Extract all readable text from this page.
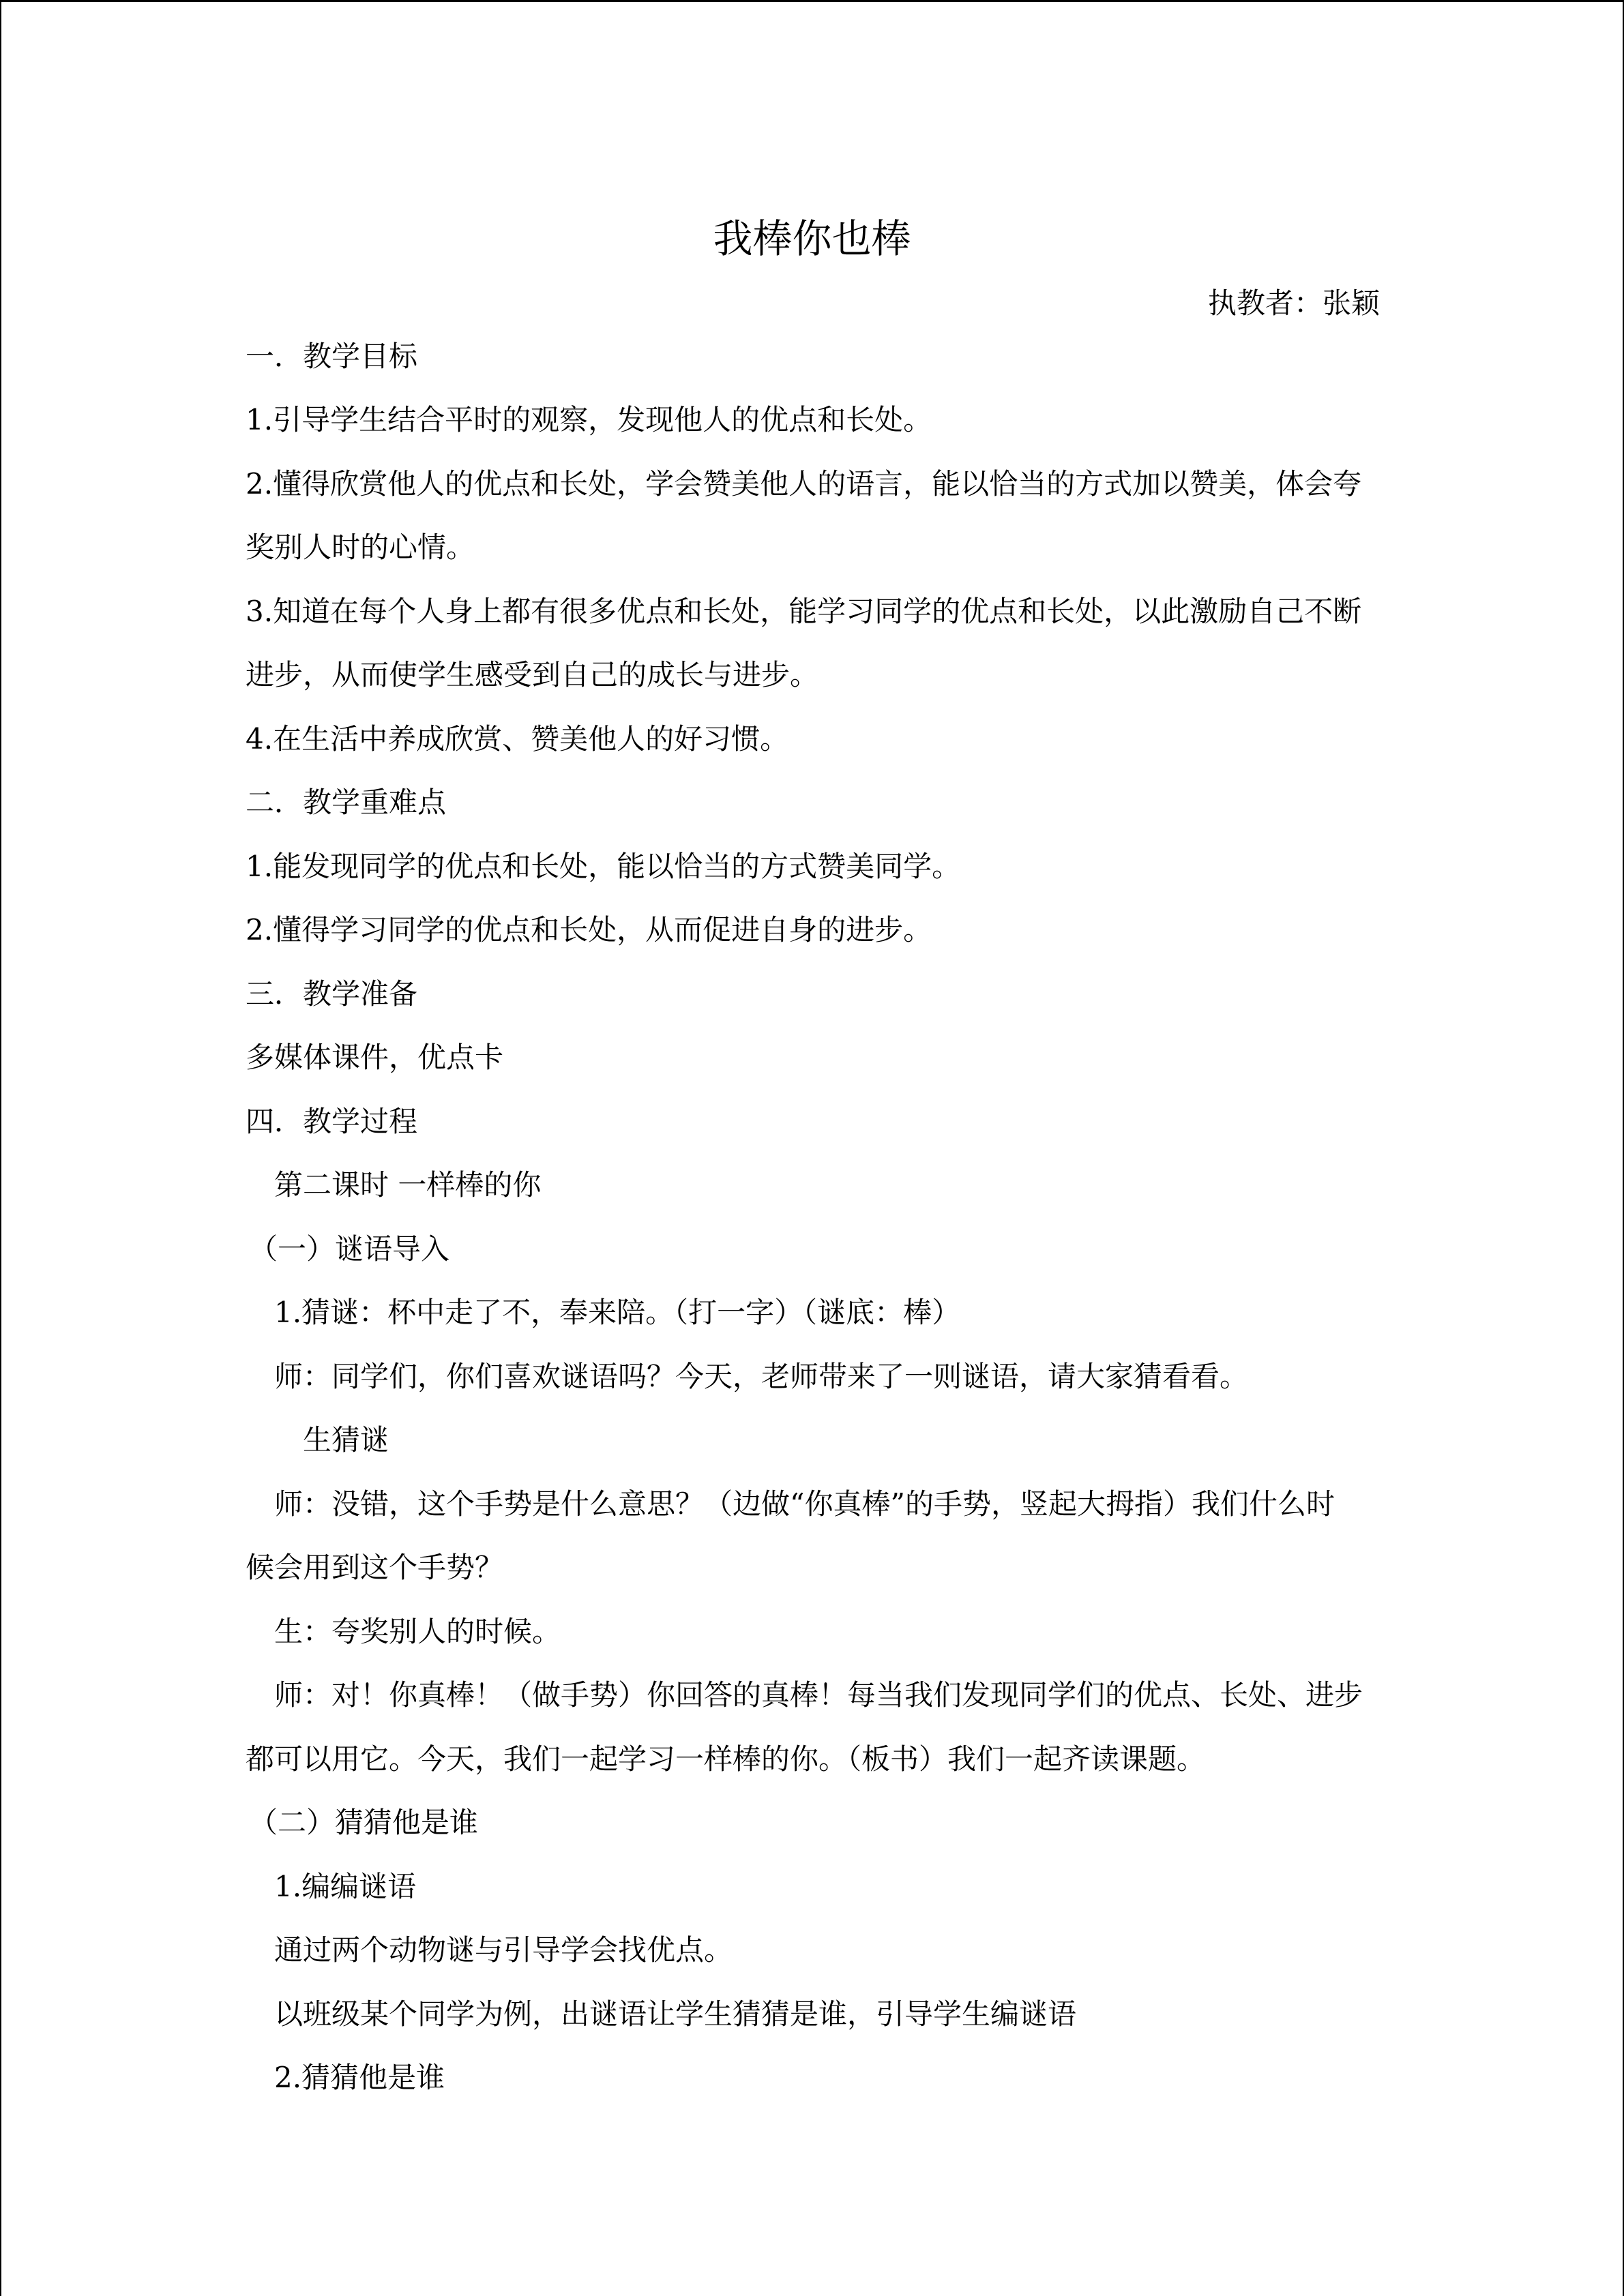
我棒你也棒
执教者：张颖
一．教学目标
1.引导学生结合平时的观察，发现他人的优点和长处。
2.懂得欣赏他人的优点和长处，学会赞美他人的语言，能以恰当的方式加以赞美，体会夸
奖别人时的心情。
3.知道在每个人身上都有很多优点和长处，能学习同学的优点和长处，以此激励自己不断
进步，从而使学生感受到自己的成长与进步。
4.在生活中养成欣赏、赞美他人的好习惯。
二．教学重难点
1.能发现同学的优点和长处，能以恰当的方式赞美同学。
2.懂得学习同学的优点和长处，从而促进自身的进步。
三．教学准备
多媒体课件，优点卡
四．教学过程
第二课时 一样棒的你
（一）谜语导入
1.猜谜：杯中走了不，奉来陪。（打一字）（谜底：棒）
师：同学们，你们喜欢谜语吗？今天，老师带来了一则谜语，请大家猜看看。
生猜谜
师：没错，这个手势是什么意思？（边做“你真棒”的手势，竖起大拇指）我们什么时
候会用到这个手势？
生：夸奖别人的时候。
师：对！你真棒！（做手势）你回答的真棒！每当我们发现同学们的优点、长处、进步
都可以用它。今天，我们一起学习一样棒的你。（板书）我们一起齐读课题。
（二）猜猜他是谁
1.编编谜语
通过两个动物谜与引导学会找优点。
以班级某个同学为例，出谜语让学生猜猜是谁，引导学生编谜语
2.猜猜他是谁
